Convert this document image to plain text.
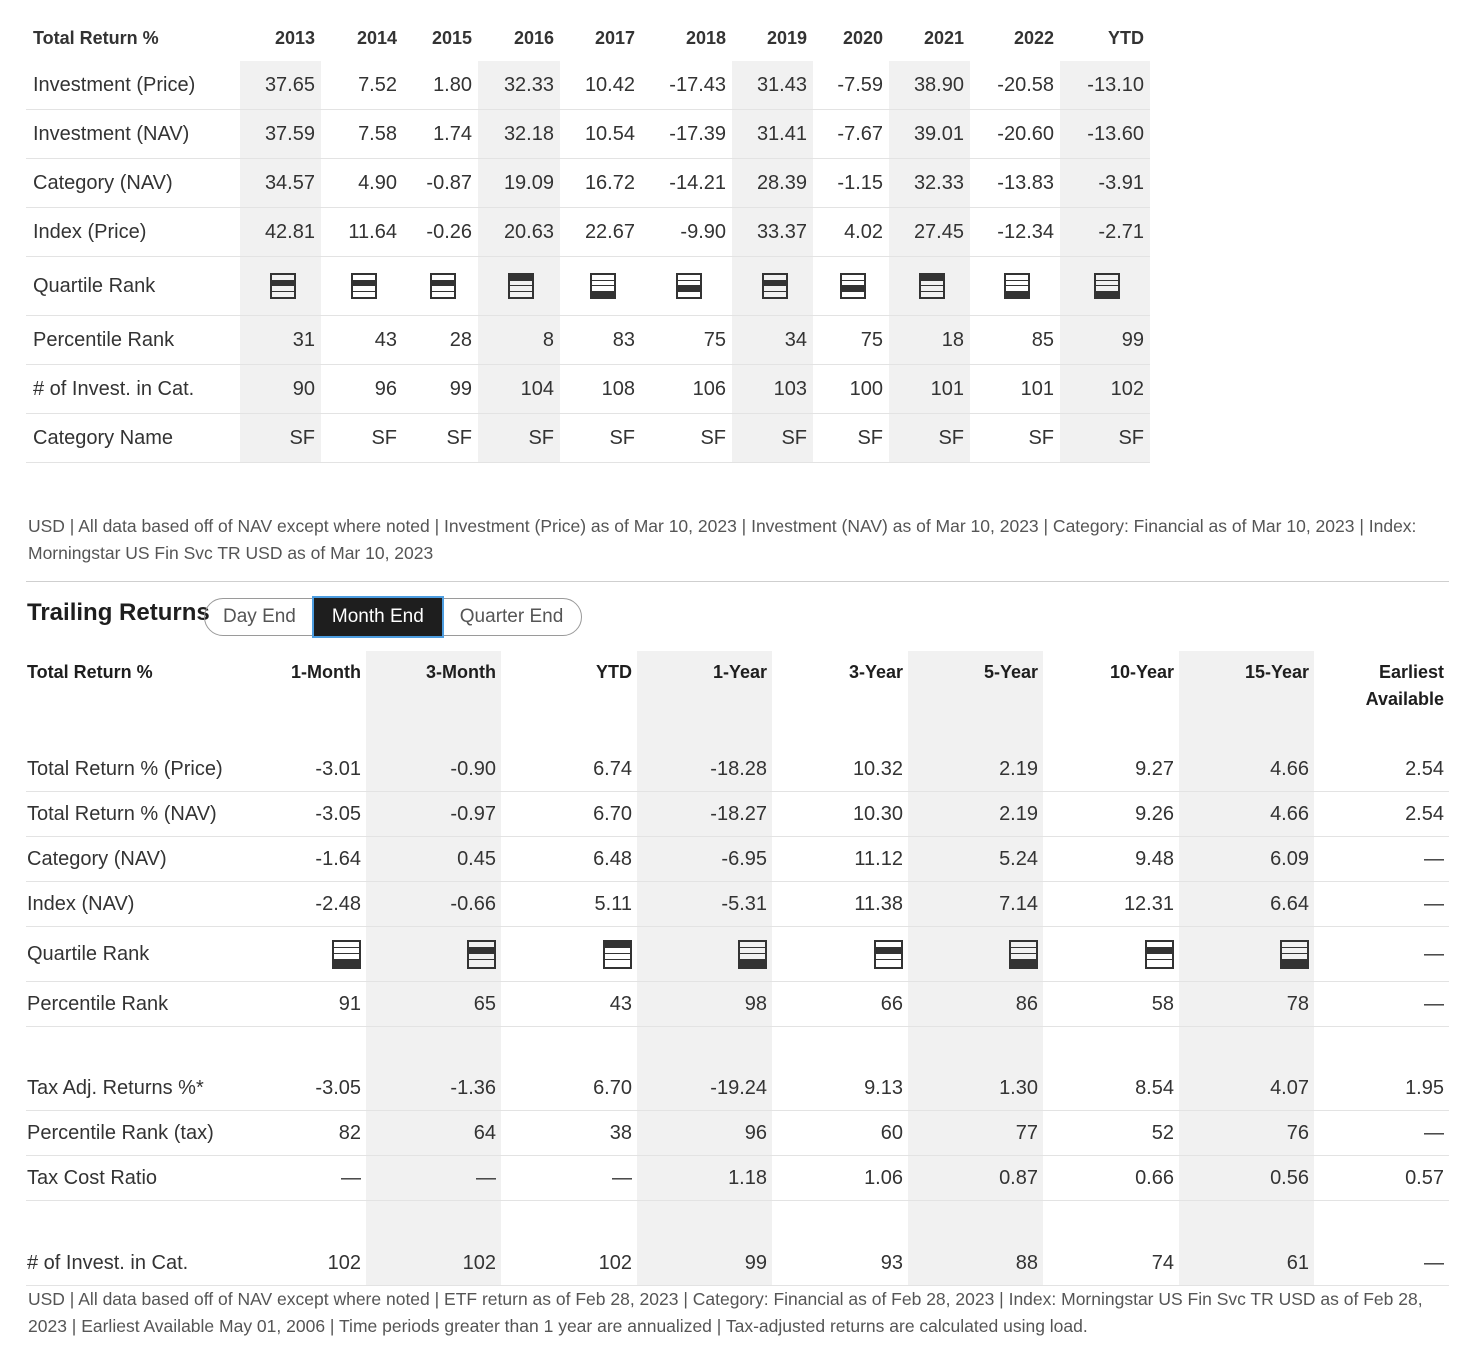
Total Return %	2013	2014	2015	2016	2017	2018	2019	2020	2021	2022	YTD
Investment (Price)	37.65	7.52	1.80	32.33	10.42	-17.43	31.43	-7.59	38.90	-20.58	-13.10
Investment (NAV)	37.59	7.58	1.74	32.18	10.54	-17.39	31.41	-7.67	39.01	-20.60	-13.60
Category (NAV)	34.57	4.90	-0.87	19.09	16.72	-14.21	28.39	-1.15	32.33	-13.83	-3.91
Index (Price)	42.81	11.64	-0.26	20.63	22.67	-9.90	33.37	4.02	27.45	-12.34	-2.71
Quartile Rank	

Percentile Rank	31	43	28	8	83	75	34	75	18	85	99
# of Invest. in Cat.	90	96	99	104	108	106	103	100	101	101	102
Category Name	SF	SF	SF	SF	SF	SF	SF	SF	SF	SF	SF
USD | All data based off of NAV except where noted | Investment (Price) as of Mar 10, 2023 | Investment (NAV) as of Mar 10, 2023 | Category: Financial as of Mar 10, 2023 | Index: Morningstar US Fin Svc TR USD as of Mar 10, 2023
Trailing Returns Day End	Month End	Quarter End
Total Return %	1-Month	3-Month	YTD	1-Year	3-Year	5-Year	10-Year	15-Year	Earliest Available

Total Return % (Price)	-3.01	-0.90	6.74	-18.28	10.32	2.19	9.27	4.66	2.54
Total Return % (NAV)	-3.05	-0.97	6.70	-18.27	10.30	2.19	9.26	4.66	2.54
Category (NAV)	-1.64	0.45	6.48	-6.95	11.12	5.24	9.48	6.09	—
Index (NAV)	-2.48	-0.66	5.11	-5.31	11.38	7.14	12.31	6.64	—
Quartile Rank									—
Percentile Rank	91	65	43	98	66	86	58	78	—

Tax Adj. Returns %*	-3.05	-1.36	6.70	-19.24	9.13	1.30	8.54	4.07	1.95
Percentile Rank (tax)	82	64	38	96	60	77	52	76	—
Tax Cost Ratio	—	—	—	1.18	1.06	0.87	0.66	0.56	0.57

# of Invest. in Cat.	102	102	102	99	93	88	74	61	—
USD | All data based off of NAV except where noted | ETF return as of Feb 28, 2023 | Category: Financial as of Feb 28, 2023 | Index: Morningstar US Fin Svc TR USD as of Feb 28, 2023 | Earliest Available May 01, 2006 | Time periods greater than 1 year are annualized | Tax-adjusted returns are calculated using load.
